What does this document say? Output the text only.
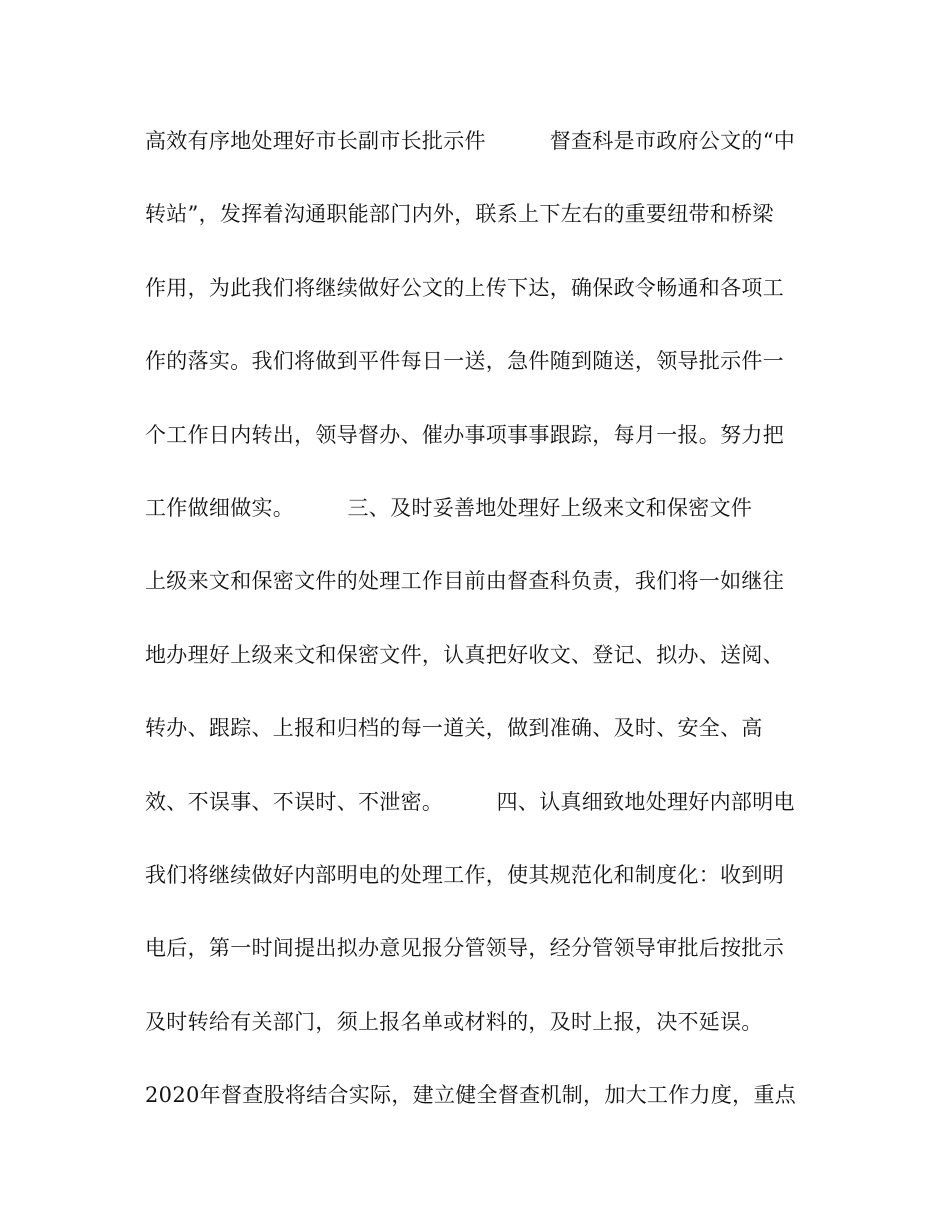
高效有序地处理好市长副市长批示件　　　督查科是市政府公文的“中
转站”，发挥着沟通职能部门内外，联系上下左右的重要纽带和桥梁
作用，为此我们将继续做好公文的上传下达，确保政令畅通和各项工
作的落实。我们将做到平件每日一送，急件随到随送，领导批示件一
个工作日内转出，领导督办、催办事项事事跟踪，每月一报。努力把
工作做细做实。　　　三、及时妥善地处理好上级来文和保密文件
上级来文和保密文件的处理工作目前由督查科负责，我们将一如继往
地办理好上级来文和保密文件，认真把好收文、登记、拟办、送阅、
转办、跟踪、上报和归档的每一道关，做到准确、及时、安全、高
效、不误事、不误时、不泄密。　　　四、认真细致地处理好内部明电
我们将继续做好内部明电的处理工作，使其规范化和制度化：收到明
电后，第一时间提出拟办意见报分管领导，经分管领导审批后按批示
及时转给有关部门，须上报名单或材料的，及时上报，决不延误。
2020年督查股将结合实际，建立健全督查机制，加大工作力度，重点
